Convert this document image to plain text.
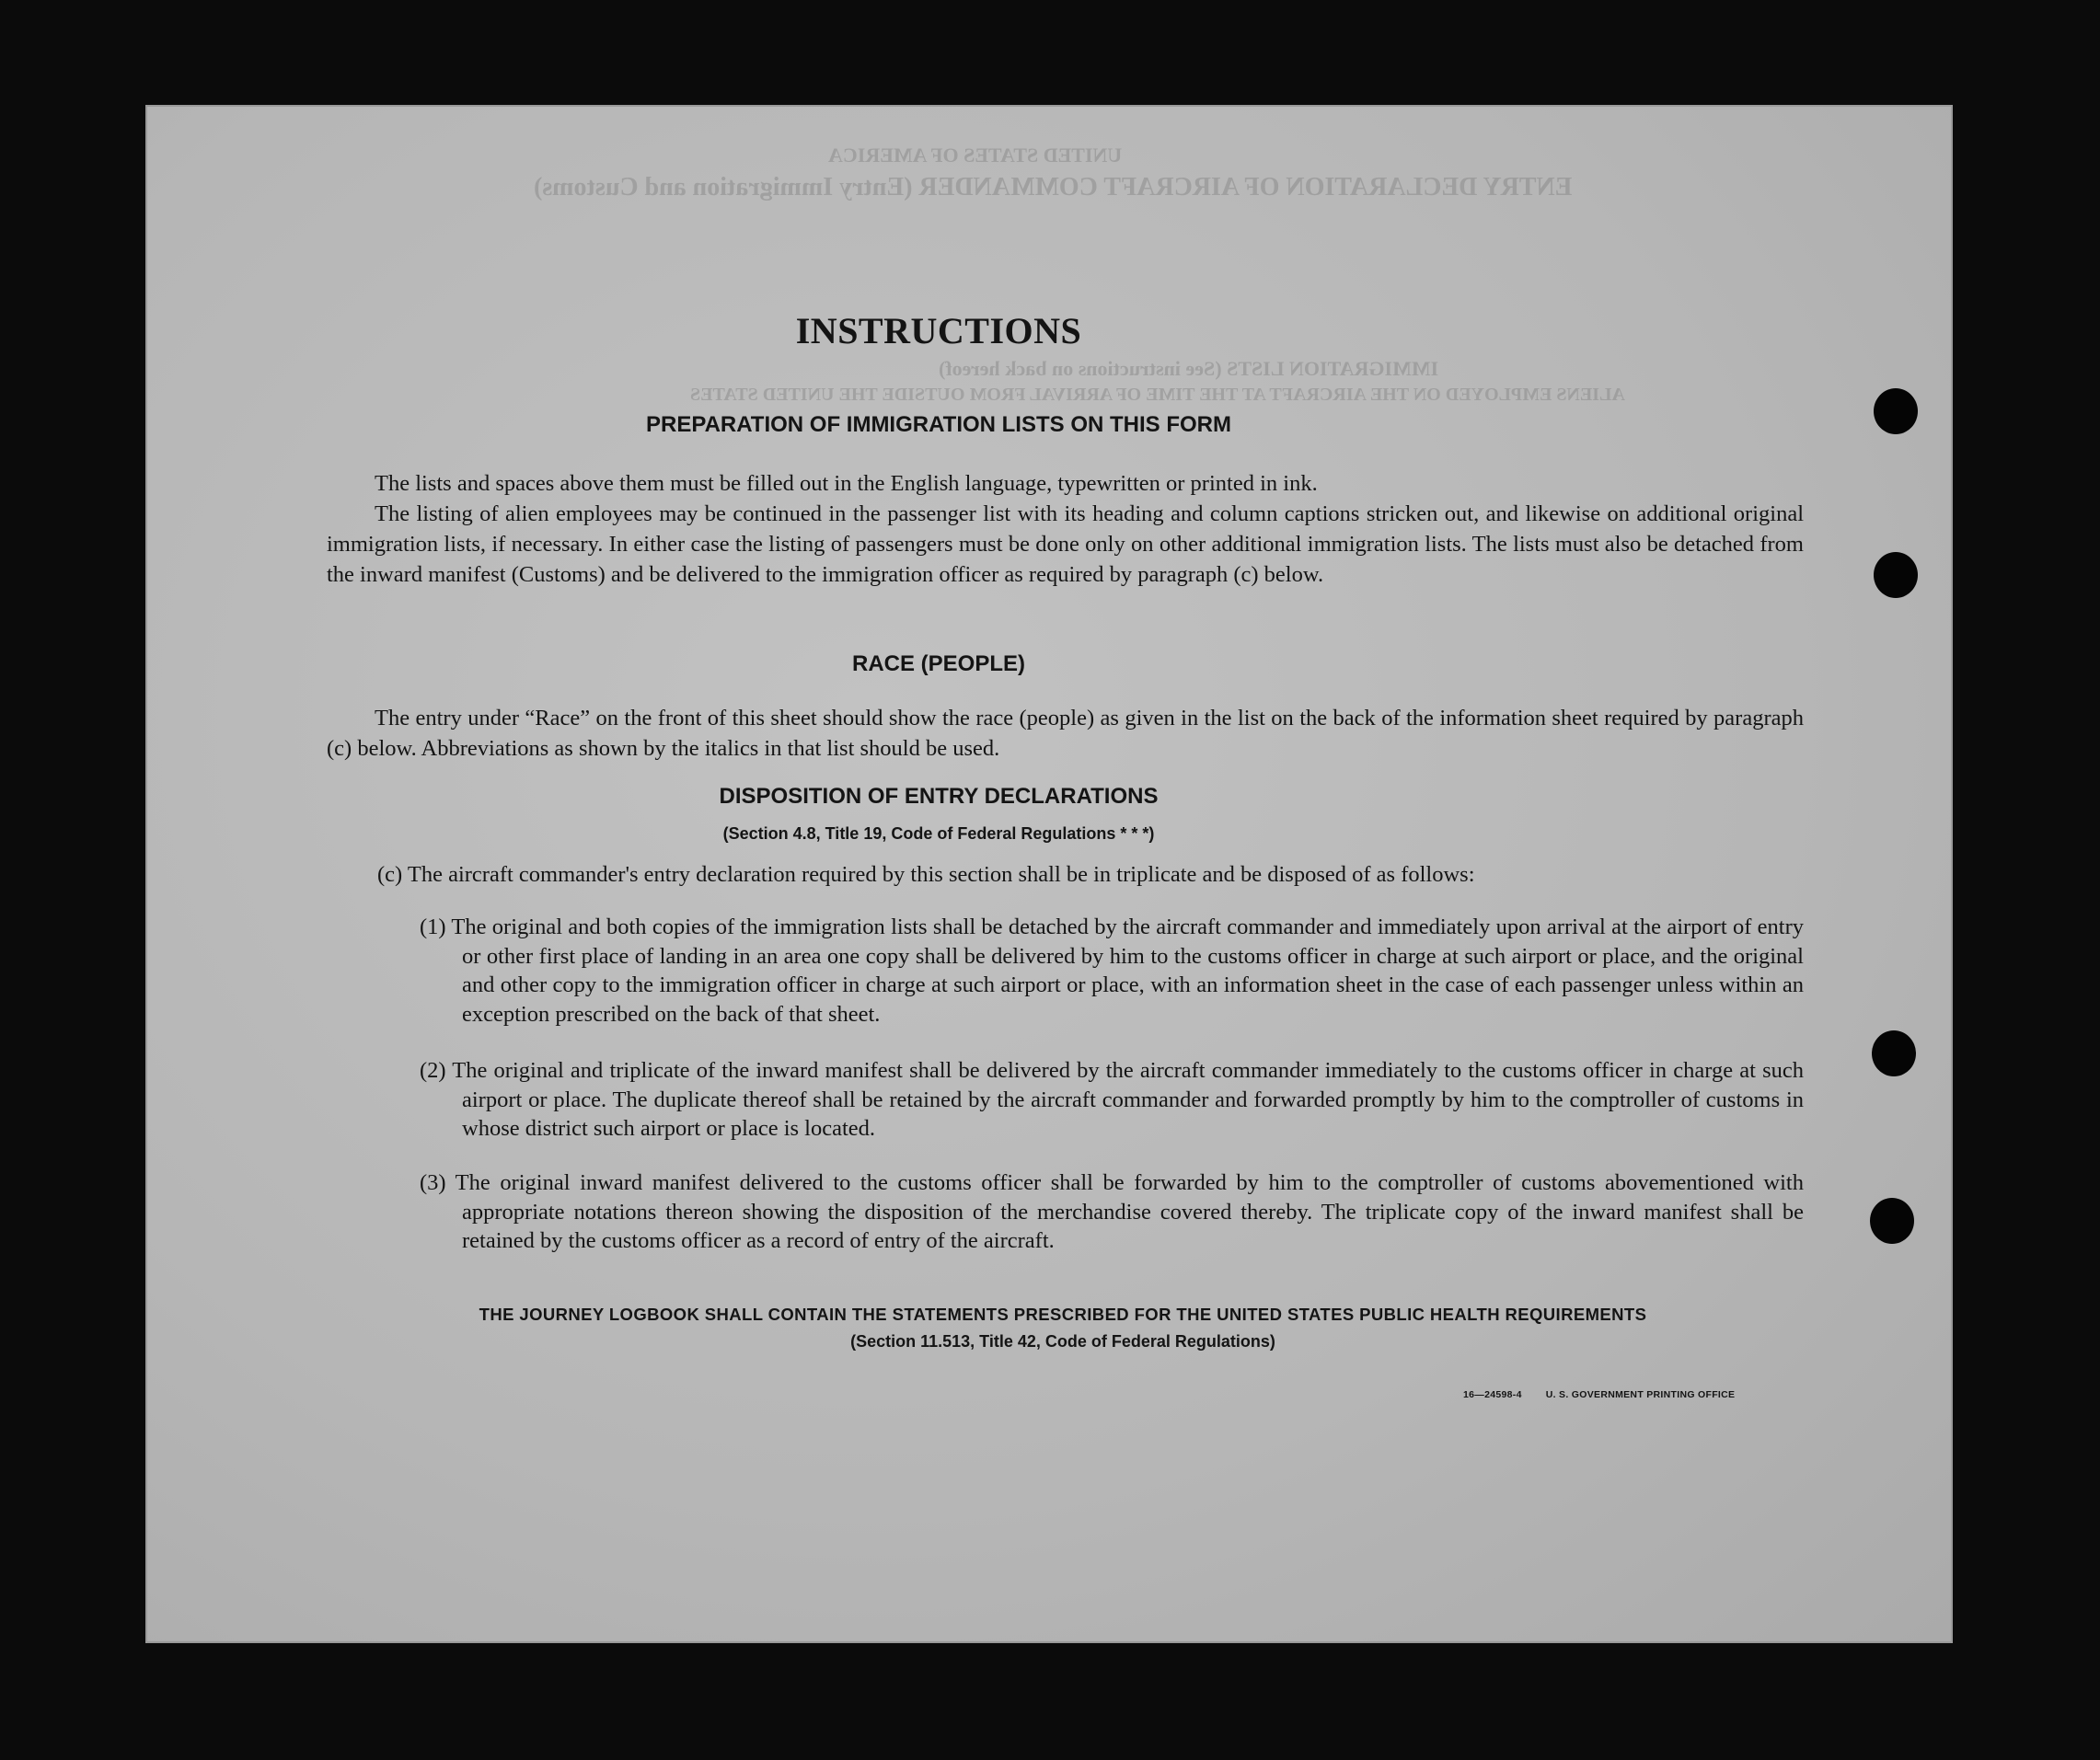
UNITED STATES OF AMERICA
ENTRY DECLARATION OF AIRCRAFT COMMANDER (Entry Immigration and Customs)
IMMIGRATION LISTS (See instructions on back hereof)
ALIENS EMPLOYED ON THE AIRCRAFT AT THE TIME OF ARRIVAL FROM OUTSIDE THE UNITED STATES
INSTRUCTIONS
PREPARATION OF IMMIGRATION LISTS ON THIS FORM
The lists and spaces above them must be filled out in the English language, typewritten or printed in ink.
The listing of alien employees may be continued in the passenger list with its heading and column captions stricken out, and likewise on additional original immigration lists, if necessary. In either case the listing of passengers must be done only on other additional immigration lists. The lists must also be detached from the inward manifest (Customs) and be delivered to the immigration officer as required by paragraph (c) below.
RACE (PEOPLE)
The entry under “Race” on the front of this sheet should show the race (people) as given in the list on the back of the information sheet required by paragraph (c) below. Abbreviations as shown by the italics in that list should be used.
DISPOSITION OF ENTRY DECLARATIONS
(Section 4.8, Title 19, Code of Federal Regulations * * *)
(c) The aircraft commander's entry declaration required by this section shall be in triplicate and be disposed of as follows:
(1) The original and both copies of the immigration lists shall be detached by the aircraft commander and immediately upon arrival at the airport of entry or other first place of landing in an area one copy shall be delivered by him to the customs officer in charge at such airport or place, and the original and other copy to the immigration officer in charge at such airport or place, with an information sheet in the case of each passenger unless within an exception prescribed on the back of that sheet.
(2) The original and triplicate of the inward manifest shall be delivered by the aircraft commander immediately to the customs officer in charge at such airport or place. The duplicate thereof shall be retained by the aircraft commander and forwarded promptly by him to the comptroller of customs in whose district such airport or place is located.
(3) The original inward manifest delivered to the customs officer shall be forwarded by him to the comptroller of customs abovementioned with appropriate notations thereon showing the disposition of the merchandise covered thereby. The triplicate copy of the inward manifest shall be retained by the customs officer as a record of entry of the aircraft.
THE JOURNEY LOGBOOK SHALL CONTAIN THE STATEMENTS PRESCRIBED FOR THE UNITED STATES PUBLIC HEALTH REQUIREMENTS
(Section 11.513, Title 42, Code of Federal Regulations)
16—24598-4 U. S. GOVERNMENT PRINTING OFFICE
